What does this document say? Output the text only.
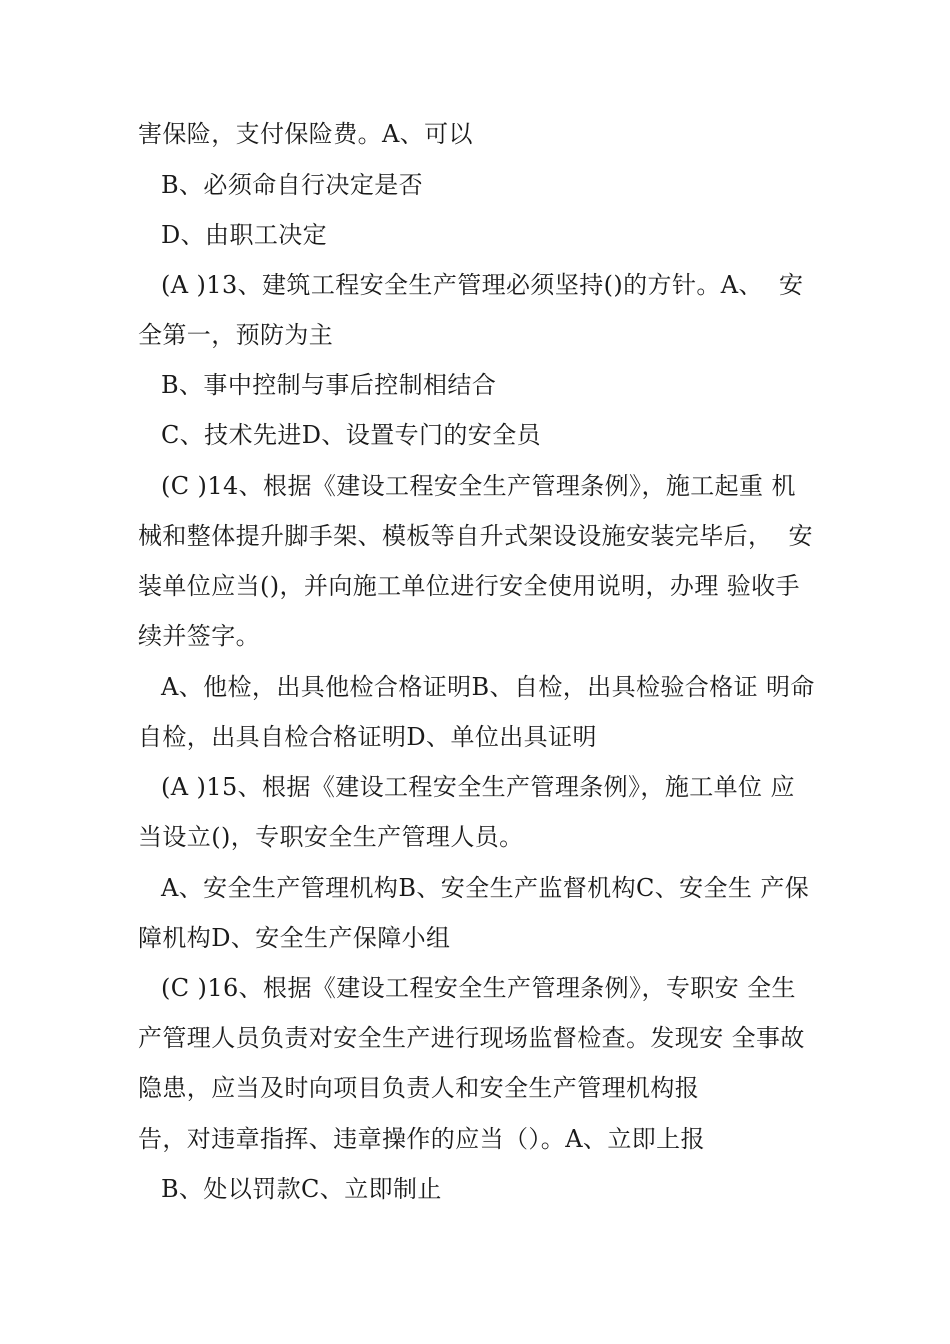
害保险，支付保险费。A、可以
B、必须命自行决定是否
D、由职工决定
(A )13、建筑工程安全生产管理必须坚持()的方针。A、  安
全第一，预防为主
B、事中控制与事后控制相结合
C、技术先进D、设置专门的安全员
(C )14、根据《建设工程安全生产管理条例》，施工起重 机
械和整体提升脚手架、模板等自升式架设设施安装完毕后，  安
装单位应当()，并向施工单位进行安全使用说明，办理 验收手
续并签字。
A、他检，出具他检合格证明B、自检，出具检验合格证 明命
自检，出具自检合格证明D、单位出具证明
(A )15、根据《建设工程安全生产管理条例》，施工单位 应
当设立()，专职安全生产管理人员。
A、安全生产管理机构B、安全生产监督机构C、安全生 产保
障机构D、安全生产保障小组
(C )16、根据《建设工程安全生产管理条例》，专职安 全生
产管理人员负责对安全生产进行现场监督检查。发现安 全事故
隐患，应当及时向项目负责人和安全生产管理机构报
告，对违章指挥、违章操作的应当（）。A、立即上报
B、处以罚款C、立即制止
